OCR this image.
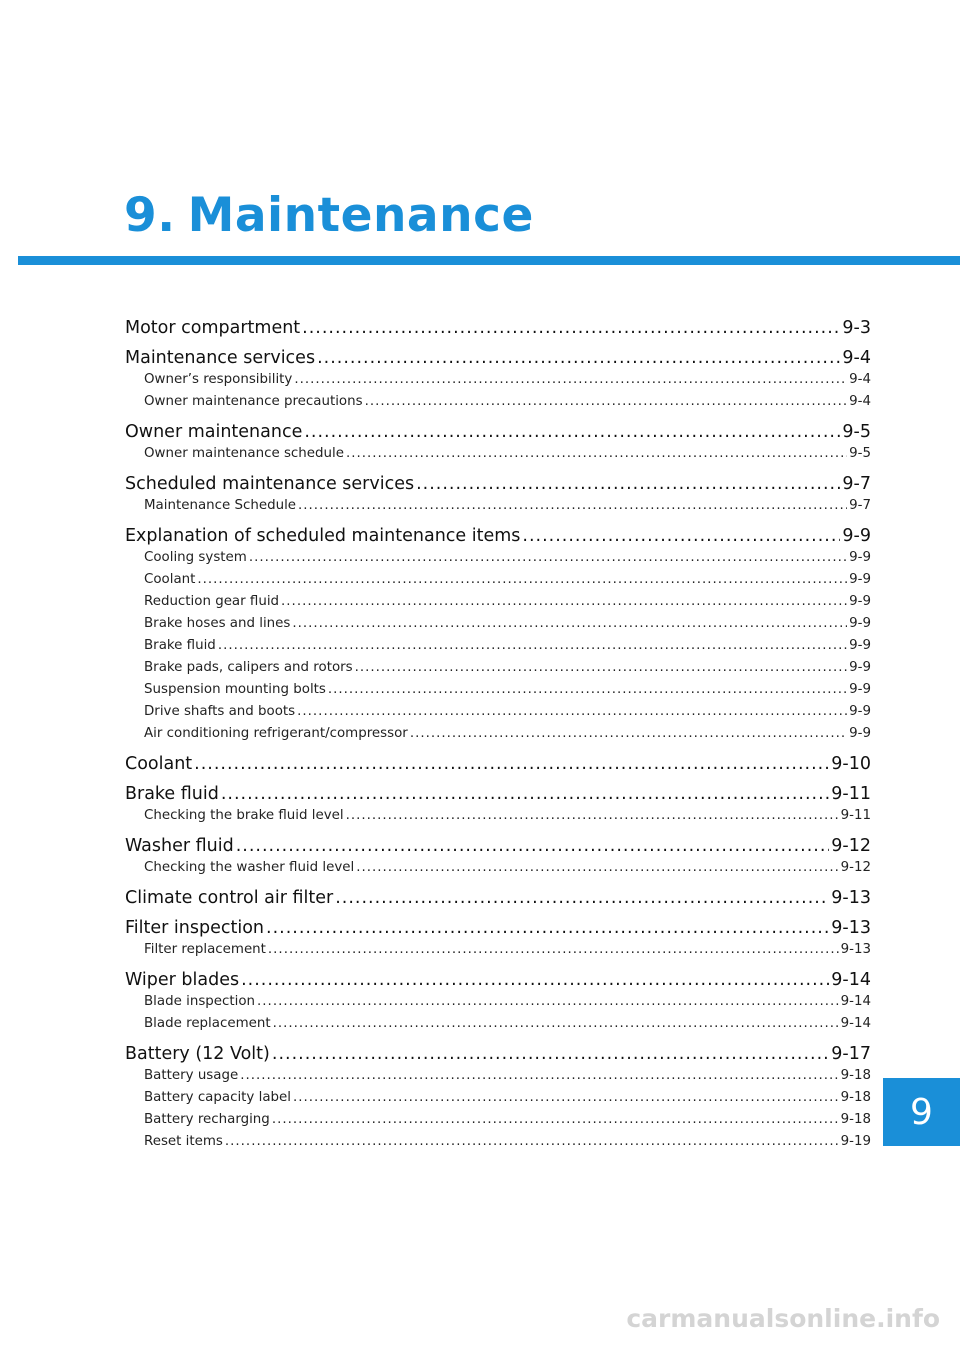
9. Maintenance
Motor compartment .....	9-3
Maintenance services .....	9-4
Owner’s responsibility .....	9-4
Owner maintenance precautions .....	9-4
Owner maintenance .....	9-5
Owner maintenance schedule .....	9-5
Scheduled maintenance services .....	9-7
Maintenance Schedule .....	9-7
Explanation of scheduled maintenance items .....	9-9
Cooling system .....	9-9
Coolant .....	9-9
Reduction gear fluid .....	9-9
Brake hoses and lines .....	9-9
Brake fluid .....	9-9
Brake pads, calipers and rotors .....	9-9
Suspension mounting bolts .....	9-9
Drive shafts and boots .....	9-9
Air conditioning refrigerant/compressor .....	9-9
Coolant .....	9-10
Brake fluid .....	9-11
Checking the brake fluid level .....	9-11
Washer fluid .....	9-12
Checking the washer fluid level .....	9-12
Climate control air filter .....	9-13
Filter inspection .....	9-13
Filter replacement .....	9-13
Wiper blades .....	9-14
Blade inspection .....	9-14
Blade replacement .....	9-14
Battery (12 Volt) .....	9-17
Battery usage .....	9-18
Battery capacity label .....	9-18
Battery recharging .....	9-18
Reset items .....	9-19
9
carmanualsonline.info
